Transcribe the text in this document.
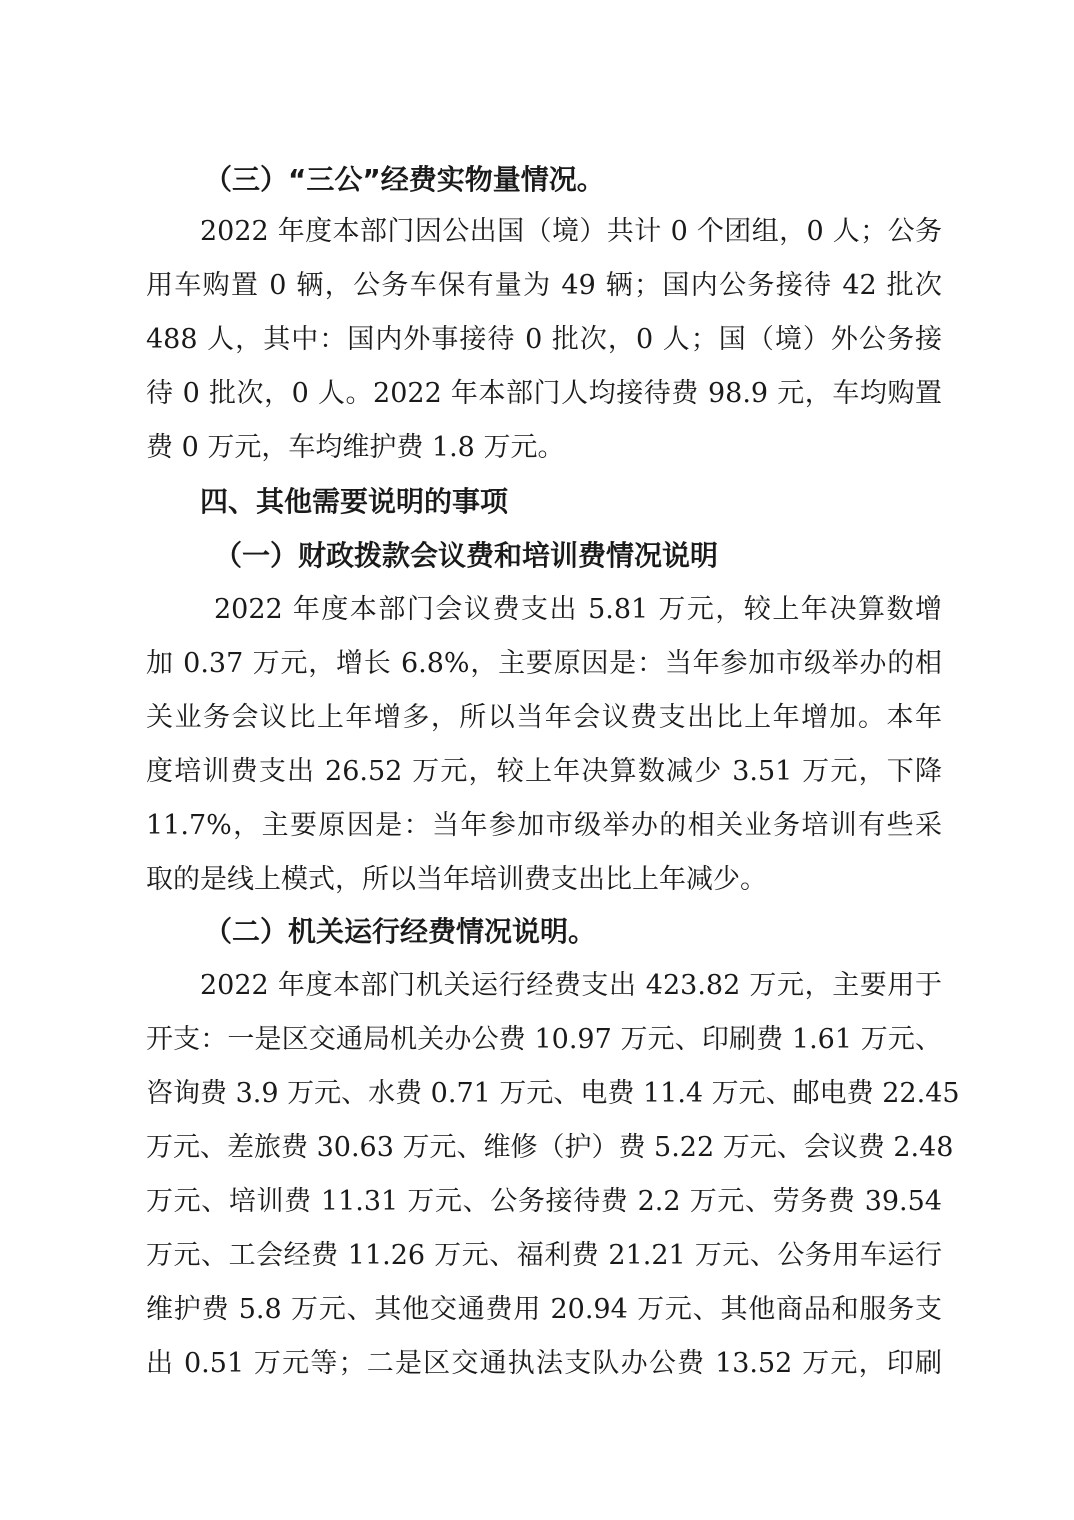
（三）“三公”经费实物量情况。
2022 年度本部门因公出国（境）共计 0 个团组，0 人；公务
用车购置 0 辆，公务车保有量为 49 辆；国内公务接待 42 批次
488 人，其中：国内外事接待 0 批次，0 人；国（境）外公务接
待 0 批次，0 人。2022 年本部门人均接待费 98.9 元，车均购置
费 0 万元，车均维护费 1.8 万元。
四、其他需要说明的事项
（一）财政拨款会议费和培训费情况说明
2022 年度本部门会议费支出 5.81 万元，较上年决算数增
加 0.37 万元，增长 6.8%，主要原因是：当年参加市级举办的相
关业务会议比上年增多，所以当年会议费支出比上年增加。本年
度培训费支出 26.52 万元，较上年决算数减少 3.51 万元，下降
11.7%，主要原因是：当年参加市级举办的相关业务培训有些采
取的是线上模式，所以当年培训费支出比上年减少。
（二）机关运行经费情况说明。
2022 年度本部门机关运行经费支出 423.82 万元，主要用于
开支：一是区交通局机关办公费 10.97 万元、印刷费 1.61 万元、
咨询费 3.9 万元、水费 0.71 万元、电费 11.4 万元、邮电费 22.45
万元、差旅费 30.63 万元、维修（护）费 5.22 万元、会议费 2.48
万元、培训费 11.31 万元、公务接待费 2.2 万元、劳务费 39.54
万元、工会经费 11.26 万元、福利费 21.21 万元、公务用车运行
维护费 5.8 万元、其他交通费用 20.94 万元、其他商品和服务支
出 0.51 万元等；二是区交通执法支队办公费 13.52 万元，印刷
